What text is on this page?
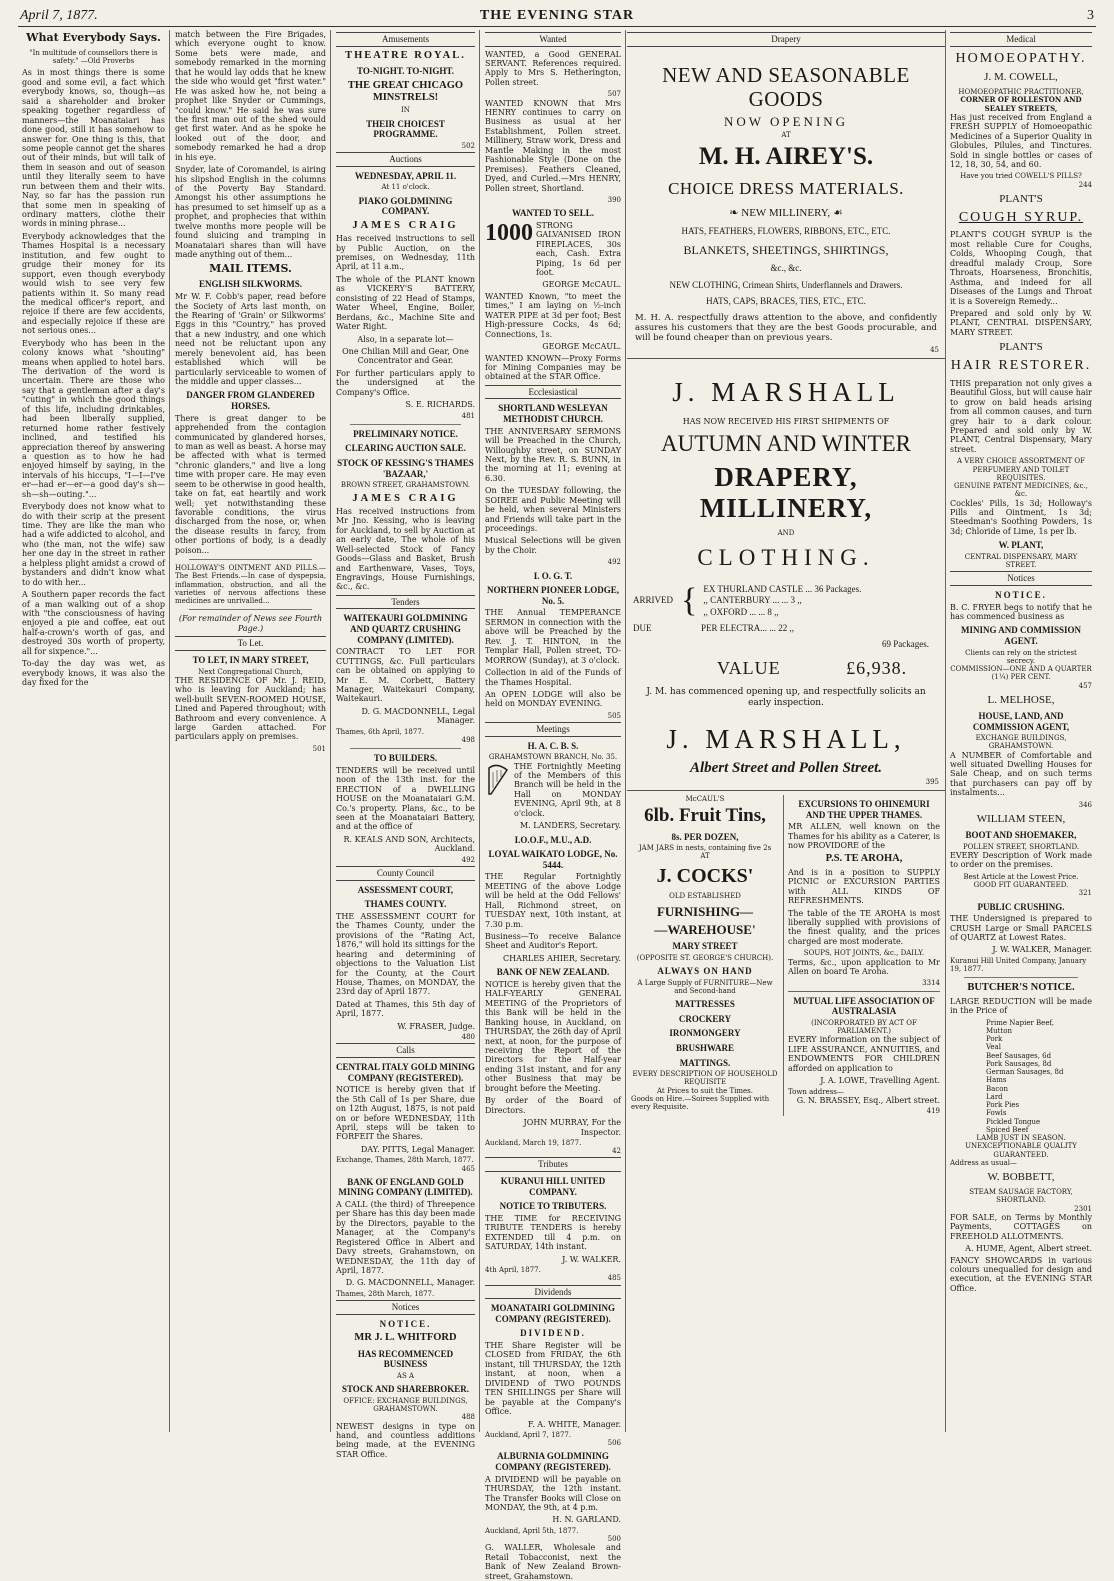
April 7, 1877.	THE EVENING STAR	3
What Everybody Says.
"In multitude of counsellors there is safety." —Old Proverbs

As in most things there is some good and some evil, a fact which everybody knows, so, though—as said a shareholder and broker speaking together regardless of manners—the Moanataiari has done good, still it has somehow to answer for. One thing is this, that some people cannot get the shares out of their minds, but will talk of them in season and out of season until they literally seem to have run between them and their wits. Nay, so far has the passion run that some men in speaking of ordinary matters, clothe their words in mining phrase...

Everybody acknowledges that the Thames Hospital is a necessary institution, and few ought to grudge their money for its support, even though everybody would wish to see very few patients within it. So many read the medical officer's report, and rejoice if there are few accidents, and especially rejoice if these are not serious ones...

Everybody who has been in the colony knows what "shouting" means when applied to hotel bars. The derivation of the word is uncertain. There are those who say that a gentleman after a day's "cuting" in which the good things of this life, including drinkables, had been liberally supplied, returned home rather festively inclined, and testified his appreciation thereof by answering a question as to how he had enjoyed himself by saying, in the intervals of his hiccups, "I—I—I've er—had er—er—a good day's sh—sh—sh—outing."...

Everybody does not know what to do with their scrip at the present time. They are like the man who had a wife addicted to alcohol, and who (the man, not the wife) saw her one day in the street in rather a helpless plight amidst a crowd of bystanders and didn't know what to do with her...

A Southern paper records the fact of a man walking out of a shop with "the consciousness of having enjoyed a pie and coffee, eat out half-a-crown's worth of gas, and destroyed 30s worth of property, all for sixpence."...

To-day the day was wet, as everybody knows, it was also the day fixed for the

match between the Fire Brigades, which everyone ought to know. Some bets were made, and somebody remarked in the morning that he would lay odds that he knew the side who would get "first water." He was asked how he, not being a prophet like Snyder or Cummings, "could know." He said he was sure the first man out of the shed would get first water. And as he spoke he looked out of the door, and somebody remarked he had a drop in his eye.

Snyder, late of Coromandel, is airing his slipshod English in the columns of the Poverty Bay Standard. Amongst his other assumptions he has presumed to set himself up as a prophet, and prophecies that within twelve months more people will be found sluicing and tramping in Moanataiari shares than will have made anything out of them...

MAIL ITEMS.
ENGLISH SILKWORMS.

Mr W. F. Cobb's paper, read before the Society of Arts last month, on the Rearing of 'Grain' or Silkworms' Eggs in this "Country," has proved that a new industry, and one which need not be reluctant upon any merely benevolent aid, has been established which will be particularly serviceable to women of the middle and upper classes...

DANGER FROM GLANDERED HORSES.

There is great danger to be apprehended from the contagion communicated by glandered horses, to man as well as beast. A horse may be affected with what is termed "chronic glanders," and live a long time with proper care. He may even seem to be otherwise in good health, take on fat, eat heartily and work well; yet notwithstanding these favorable conditions, the virus discharged from the nose, or, when the disease results in farcy, from other portions of body, is a deadly poison...

HOLLOWAY'S OINTMENT AND PILLS.—The Best Friends.—In case of dyspepsia, inflammation, obstruction, and all the varieties of nervous affections these medicines are unrivalled...

(For remainder of News see Fourth Page.)

To Let.
TO LET, IN MARY STREET,
Next Congregational Church,

THE RESIDENCE OF Mr. J. REID, who is leaving for Auckland; has well-built SEVEN-ROOMED HOUSE, Lined and Papered throughout; with Bathroom and every convenience. A large Garden attached. For particulars apply on premises.

501
Amusements
THEATRE ROYAL.
TO-NIGHT. TO-NIGHT.
THE GREAT CHICAGO MINSTRELS!
IN
THEIR CHOICEST PROGRAMME.
502
Auctions
WEDNESDAY, APRIL 11.
At 11 o'clock.
PIAKO GOLDMINING COMPANY.
JAMES CRAIG

Has received instructions to sell by Public Auction, on the premises, on Wednesday, 11th April, at 11 a.m.,

The whole of the PLANT known as VICKERY'S BATTERY, consisting of 22 Head of Stamps, Water Wheel, Engine, Boiler, Berdans, &c., Machine Site and Water Right.

Also, in a separate lot—

One Chilian Mill and Gear, One Concentrator and Gear.

For further particulars apply to the undersigned at the Company's Office.

S. E. RICHARDS.
481
PRELIMINARY NOTICE.
CLEARING AUCTION SALE.
STOCK OF KESSING'S THAMES 'BAZAAR,'
BROWN STREET, GRAHAMSTOWN.
JAMES CRAIG

Has received instructions from Mr Jno. Kessing, who is leaving for Auckland, to sell by Auction at an early date, The whole of his Well-selected Stock of Fancy Goods—Glass and Basket, Brush and Earthenware, Vases, Toys, Engravings, House Furnishings, &c., &c.

Tenders
WAITEKAURI GOLDMINING AND QUARTZ CRUSHING COMPANY (LIMITED).

CONTRACT TO LET FOR CUTTINGS, &c. Full particulars can be obtained on applying to Mr E. M. Corbett, Battery Manager, Waitekauri Company, Waitekauri.

D. G. MACDONNELL, Legal Manager.
Thames, 6th April, 1877.
498
TO BUILDERS.

TENDERS will be received until noon of the 13th inst. for the ERECTION of a DWELLING HOUSE on the Moanataiari G.M. Co.'s property. Plans, &c., to be seen at the Moanataiari Battery, and at the office of

R. KEALS AND SON, Architects, Auckland.
492
County Council
ASSESSMENT COURT,
THAMES COUNTY.

THE ASSESSMENT COURT for the Thames County, under the provisions of the "Rating Act, 1876," will hold its sittings for the hearing and determining of objections to the Valuation List for the County, at the Court House, Thames, on MONDAY, the 23rd day of April 1877.

Dated at Thames, this 5th day of April, 1877.

W. FRASER, Judge.
480
Calls
CENTRAL ITALY GOLD MINING COMPANY (REGISTERED).

NOTICE is hereby given that if the 5th Call of 1s per Share, due on 12th August, 1875, is not paid on or before WEDNESDAY, 11th April, steps will be taken to FORFEIT the Shares.

DAY. PITTS, Legal Manager.
Exchange, Thames, 28th March, 1877.
465
BANK OF ENGLAND GOLD MINING COMPANY (LIMITED).

A CALL (the third) of Threepence per Share has this day been made by the Directors, payable to the Manager, at the Company's Registered Office in Albert and Davy streets, Grahamstown, on WEDNESDAY, the 11th day of April, 1877.

D. G. MACDONNELL, Manager.
Thames, 28th March, 1877.
Notices
NOTICE.
MR J. L. WHITFORD
HAS RECOMMENCED BUSINESS
AS A
STOCK AND SHAREBROKER.
OFFICE: EXCHANGE BUILDINGS, GRAHAMSTOWN.
488

NEWEST designs in type on hand, and countless additions being made, at the EVENING STAR Office.

Wanted

WANTED, a Good GENERAL SERVANT. References required. Apply to Mrs S. Hetherington, Pollen street.

507

WANTED KNOWN that Mrs HENRY continues to carry on Business as usual at her Establishment, Pollen street. Millinery, Straw work, Dress and Mantle Making in the most Fashionable Style (Done on the Premises). Feathers Cleaned, Dyed, and Curled.—Mrs HENRY, Pollen street, Shortland.

390
WANTED TO SELL.
1000 STRONG GALVANISED IRON FIREPLACES, 30s each, Cash. Extra Piping, 1s 6d per foot.
GEORGE McCAUL.

WANTED Known, "to meet the times," I am laying on ½-inch WATER PIPE at 3d per foot; Best High-pressure Cocks, 4s 6d; Connections, 1s.

GEORGE McCAUL.

WANTED KNOWN—Proxy Forms for Mining Companies may be obtained at the STAR Office.

Ecclesiastical
SHORTLAND WESLEYAN METHODIST CHURCH.

THE ANNIVERSARY SERMONS will be Preached in the Church, Willoughby street, on SUNDAY Next, by the Rev. R. S. BUNN, in the morning at 11; evening at 6.30.

On the TUESDAY following, the SOIREE and Public Meeting will be held, when several Ministers and Friends will take part in the proceedings.

Musical Selections will be given by the Choir.

492
I. O. G. T.
NORTHERN PIONEER LODGE, No. 5.

THE Annual TEMPERANCE SERMON in connection with the above will be Preached by the Rev. J. T. HINTON, in the Templar Hall, Pollen street, TO-MORROW (Sunday), at 3 o'clock.

Collection in aid of the Funds of the Thames Hospital.

An OPEN LODGE will also be held on MONDAY EVENING.

505
Meetings
H. A. C. B. S.
GRAHAMSTOWN BRANCH, No. 35.
THE Fortnightly Meeting of the Members of this Branch will be held in the Hall on MONDAY EVENING, April 9th, at 8 o'clock.
M. LANDERS, Secretary.
I.O.O.F., M.U., A.D.
LOYAL WAIKATO LODGE, No. 5444.

THE Regular Fortnightly MEETING of the above Lodge will be held at the Odd Fellows' Hall, Richmond street, on TUESDAY next, 10th instant, at 7.30 p.m.

Business—To receive Balance Sheet and Auditor's Report.

CHARLES AHIER, Secretary.
BANK OF NEW ZEALAND.

NOTICE is hereby given that the HALF-YEARLY GENERAL MEETING of the Proprietors of this Bank will be held in the Banking house, in Auckland, on THURSDAY, the 26th day of April next, at noon, for the purpose of receiving the Report of the Directors for the Half-year ending 31st instant, and for any other Business that may be brought before the Meeting.

By order of the Board of Directors.

JOHN MURRAY, For the Inspector.
Auckland, March 19, 1877.
42
Tributes
KURANUI HILL UNITED COMPANY.
NOTICE TO TRIBUTERS.

THE TIME for RECEIVING TRIBUTE TENDERS is hereby EXTENDED till 4 p.m. on SATURDAY, 14th instant.

J. W. WALKER.
4th April, 1877.
485
Dividends
MOANATAIRI GOLDMINING COMPANY (REGISTERED).
DIVIDEND.

THE Share Register will be CLOSED from FRIDAY, the 6th instant, till THURSDAY, the 12th instant, at noon, when a DIVIDEND of TWO POUNDS TEN SHILLINGS per Share will be payable at the Company's Office.

F. A. WHITE, Manager.
Auckland, April 7, 1877.
506
ALBURNIA GOLDMINING COMPANY (REGISTERED).

A DIVIDEND will be payable on THURSDAY, the 12th instant. The Transfer Books will Close on MONDAY, the 9th, at 4 p.m.

H. N. GARLAND.
Auckland, April 5th, 1877.
500

G. WALLER, Wholesale and Retail Tobacconist, next the Bank of New Zealand Brown-street, Grahamstown.

Drapery
NEW AND SEASONABLE GOODS
NOW OPENING
AT
M. H. AIREY'S.
CHOICE DRESS MATERIALS.
❧ NEW MILLINERY, ☙
HATS, FEATHERS, FLOWERS, RIBBONS, ETC., ETC.
BLANKETS, SHEETINGS, SHIRTINGS,
&c., &c.
NEW CLOTHING, Crimean Shirts, Underflannels and Drawers.
HATS, CAPS, BRACES, TIES, ETC., ETC.

M. H. A. respectfully draws attention to the above, and confidently assures his customers that they are the best Goods procurable, and will be found cheaper than on previous years.

45
J. MARSHALL
HAS NOW RECEIVED HIS FIRST SHIPMENTS OF
AUTUMN AND WINTER
DRAPERY, MILLINERY,
AND
CLOTHING.
ARRIVED { EX THURLAND CASTLE ... 36 Packages.
,, CANTERBURY ... ... 3 ,,
,, OXFORD ... ... 8 ,,
DUE	PER ELECTRA... ... 22 ,,
69 Packages.
VALUE	£6,938.

J. M. has commenced opening up, and respectfully solicits an early inspection.

J. MARSHALL,
Albert Street and Pollen Street.
395
McCAUL'S
6lb. Fruit Tins,
8s. PER DOZEN,
JAM JARS in nests, containing five 2s
AT
J. COCKS'
OLD ESTABLISHED
FURNISHING—
—WAREHOUSE'
MARY STREET
(OPPOSITE ST. GEORGE'S CHURCH).
ALWAYS ON HAND
A Large Supply of FURNITURE—New and Second-hand
MATTRESSES
CROCKERY
IRONMONGERY
BRUSHWARE
MATTINGS.
EVERY DESCRIPTION OF HOUSEHOLD REQUISITE
At Prices to suit the Times.
Goods on Hire.—Soirees Supplied with every Requisite.
EXCURSIONS TO OHINEMURI AND THE UPPER THAMES.

MR ALLEN, well known on the Thames for his ability as a Caterer, is now PROVIDORE of the

P.S. TE AROHA,

And is in a position to SUPPLY PICNIC or EXCURSION PARTIES with ALL KINDS OF REFRESHMENTS.

The table of the TE AROHA is most liberally supplied with provisions of the finest quality, and the prices charged are most moderate.

SOUPS, HOT JOINTS, &c., DAILY.

Terms, &c., upon application to Mr Allen on board Te Aroha.

3314
MUTUAL LIFE ASSOCIATION OF AUSTRALASIA
(INCORPORATED BY ACT OF PARLIAMENT.)

EVERY information on the subject of LIFE ASSURANCE, ANNUITIES, and ENDOWMENTS FOR CHILDREN afforded on application to

J. A. LOWE, Travelling Agent.
Town address—
G. N. BRASSEY, Esq., Albert street.
419
Medical
HOMOEOPATHY.
J. M. COWELL,
HOMOEOPATHIC PRACTITIONER,
CORNER OF ROLLESTON AND SEALEY STREETS,

Has just received from England a FRESH SUPPLY of Homoeopathic Medicines of a Superior Quality in Globules, Pilules, and Tinctures. Sold in single bottles or cases of 12, 18, 30, 54, and 60.

Have you tried COWELL'S PILLS?
244
PLANT'S
COUGH SYRUP.

PLANT'S COUGH SYRUP is the most reliable Cure for Coughs, Colds, Whooping Cough, that dreadful malady Croup, Sore Throats, Hoarseness, Bronchitis, Asthma, and indeed for all Diseases of the Lungs and Throat it is a Sovereign Remedy...

Prepared and sold only by W. PLANT, CENTRAL DISPENSARY, MARY STREET.

PLANT'S
HAIR RESTORER.

THIS preparation not only gives a Beautiful Gloss, but will cause hair to grow on bald heads arising from all common causes, and turn grey hair to a dark colour. Prepared and sold only by W. PLANT, Central Dispensary, Mary street.

A VERY CHOICE ASSORTMENT OF PERFUMERY AND TOILET REQUISITES.
GENUINE PATENT MEDICINES, &c., &c.

Cockles' Pills, 1s 3d; Holloway's Pills and Ointment, 1s 3d; Steedman's Soothing Powders, 1s 3d; Chloride of Lime, 1s per lb.

W. PLANT,
CENTRAL DISPENSARY, MARY STREET.
Notices
NOTICE.

B. C. FRYER begs to notify that he has commenced business as

MINING AND COMMISSION AGENT.
Clients can rely on the strictest secrecy.
COMMISSION—ONE AND A QUARTER (1¼) PER CENT.
457
L. MELHOSE,
HOUSE, LAND, AND COMMISSION AGENT,
EXCHANGE BUILDINGS, GRAHAMSTOWN.

A NUMBER of Comfortable and well situated Dwelling Houses for Sale Cheap, and on such terms that purchasers can pay off by instalments...

346
WILLIAM STEEN,
BOOT AND SHOEMAKER,
POLLEN STREET, SHORTLAND.

EVERY Description of Work made to order on the premises.

Best Article at the Lowest Price.
GOOD FIT GUARANTEED.
321
PUBLIC CRUSHING.

THE Undersigned is prepared to CRUSH Large or Small PARCELS of QUARTZ at Lowest Rates.

J. W. WALKER, Manager.
Kuranui Hill United Company, January 19, 1877.
BUTCHER'S NOTICE.

LARGE REDUCTION will be made in the Price of

Prime Napier Beef,
Mutton
Pork
Veal
Beef Sausages, 6d
Pork Sausages, 8d
German Sausages, 8d
Hams
Bacon
Lard
Pork Pies
Fowls
Pickled Tongue
Spiced Beef
LAMB JUST IN SEASON.
UNEXCEPTIONABLE QUALITY GUARANTEED.
Address as usual—
W. BOBBETT,
STEAM SAUSAGE FACTORY,
SHORTLAND.
2301

FOR SALE, on Terms by Monthly Payments, COTTAGES on FREEHOLD ALLOTMENTS.

A. HUME, Agent, Albert street.

FANCY SHOWCARDS in various colours unequalled for design and execution, at the EVENING STAR Office.
